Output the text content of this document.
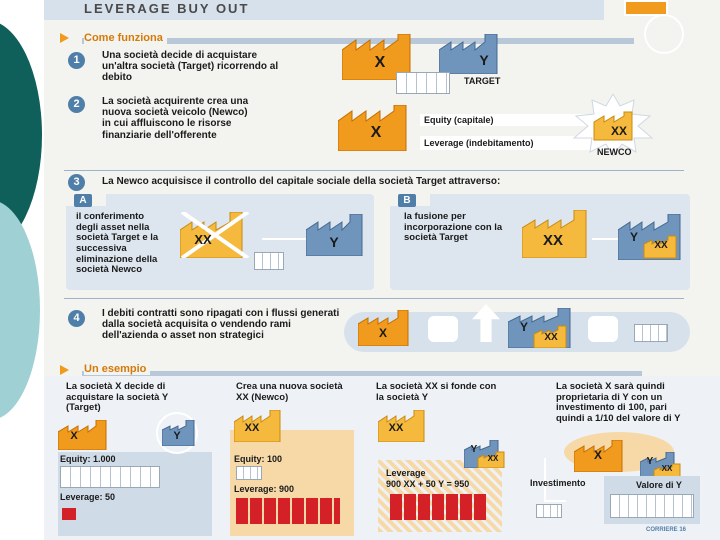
LEVERAGE BUY OUT
Come funziona
1	Una società decide di acquistare un'altra società (Target) ricorrendo al debito
X	Y
TARGET
2	La società acquirente crea una nuova società veicolo (Newco) in cui affluiscono le risorse finanziarie dell'offerente	X
Equity (capitale)
Leverage (indebitamento)
XX
NEWCO
3	La Newco acquisisce il controllo del capitale sociale della società Target attraverso:
A
il conferimento degli asset nella società Target e la successiva eliminazione della società Newco
XX	Y
B
la fusione per incorporazione con la società Target	XX	Y
XX
4	I debiti contratti sono ripagati con i flussi generati dalla società acquisita o vendendo rami dell'azienda o asset non strategici	X	Y
XX
Un esempio
La società X decide di acquistare la società Y (Target)
X	Y
Equity: 1.000
Leverage: 50
Crea una nuova società XX (Newco)
XX
Equity: 100
Leverage: 900
La società XX si fonde con la società Y
XX
Y
XX
Leverage
900 XX + 50 Y = 950
La società X sarà quindi proprietaria di Y con un investimento di 100, pari quindi a 1/10 del valore di Y
X	Y
XX
Investimento	Valore di Y
CORRIERE 16
